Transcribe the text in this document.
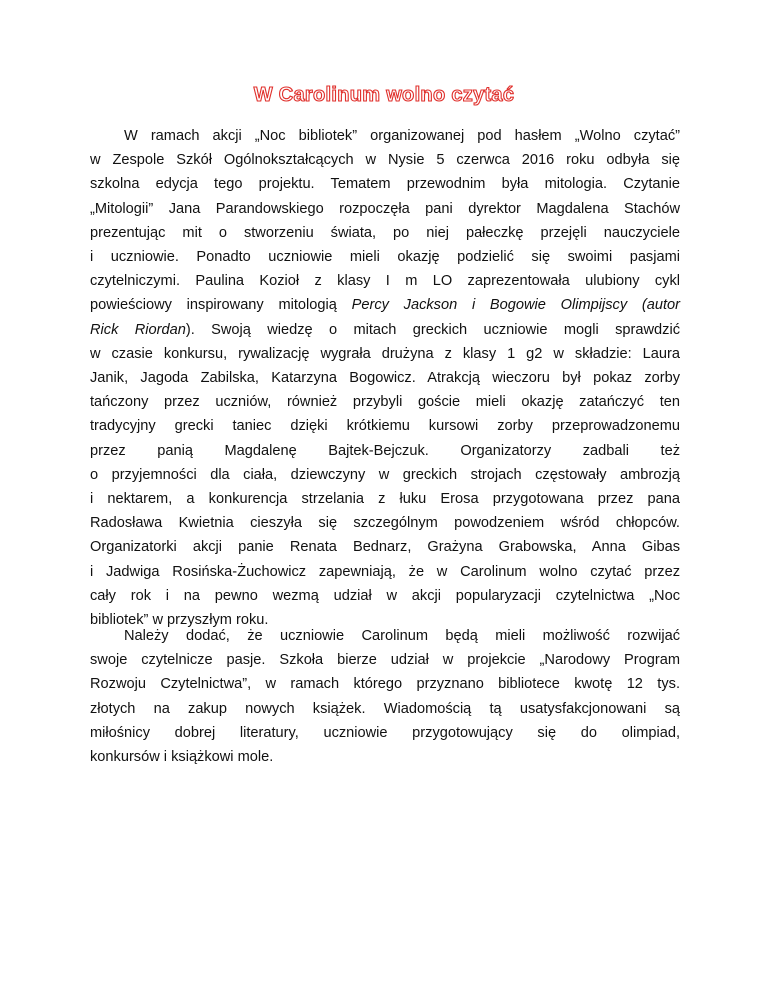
W Carolinum wolno czytać
W ramach akcji „Noc bibliotek” organizowanej pod hasłem „Wolno czytać”
w Zespole Szkół Ogólnokształcących w Nysie 5 czerwca 2016 roku odbyła się
szkolna edycja tego projektu. Tematem przewodnim była mitologia. Czytanie
„Mitologii” Jana Parandowskiego rozpoczęła pani dyrektor Magdalena Stachów
prezentując mit o stworzeniu świata, po niej pałeczkę przejęli nauczyciele
i uczniowie. Ponadto uczniowie mieli okazję podzielić się swoimi pasjami
czytelniczymi. Paulina Kozioł z klasy I m LO zaprezentowała ulubiony cykl
powieściowy inspirowany mitologią Percy Jackson i Bogowie Olimpijscy (autor
Rick Riordan). Swoją wiedzę o mitach greckich uczniowie mogli sprawdzić
w czasie konkursu, rywalizację wygrała drużyna z klasy 1 g2 w składzie: Laura
Janik, Jagoda Zabilska, Katarzyna Bogowicz. Atrakcją wieczoru był pokaz zorby
tańczony przez uczniów, również przybyli goście mieli okazję zatańczyć ten
tradycyjny grecki taniec dzięki krótkiemu kursowi zorby przeprowadzonemu
przez panią Magdalenę Bajtek-Bejczuk. Organizatorzy zadbali też
o przyjemności dla ciała, dziewczyny w greckich strojach częstowały ambrozją
i nektarem, a konkurencja strzelania z łuku Erosa przygotowana przez pana
Radosława Kwietnia cieszyła się szczególnym powodzeniem wśród chłopców.
Organizatorki akcji panie Renata Bednarz, Grażyna Grabowska, Anna Gibas
i Jadwiga Rosińska-Żuchowicz zapewniają, że w Carolinum wolno czytać przez
cały rok i na pewno wezmą udział w akcji popularyzacji czytelnictwa „Noc
bibliotek” w przyszłym roku.
Należy dodać, że uczniowie Carolinum będą mieli możliwość rozwijać
swoje czytelnicze pasje. Szkoła bierze udział w projekcie „Narodowy Program
Rozwoju Czytelnictwa”, w ramach którego przyznano bibliotece kwotę 12 tys.
złotych na zakup nowych książek. Wiadomością tą usatysfakcjonowani są
miłośnicy dobrej literatury, uczniowie przygotowujący się do olimpiad,
konkursów i książkowi mole.
